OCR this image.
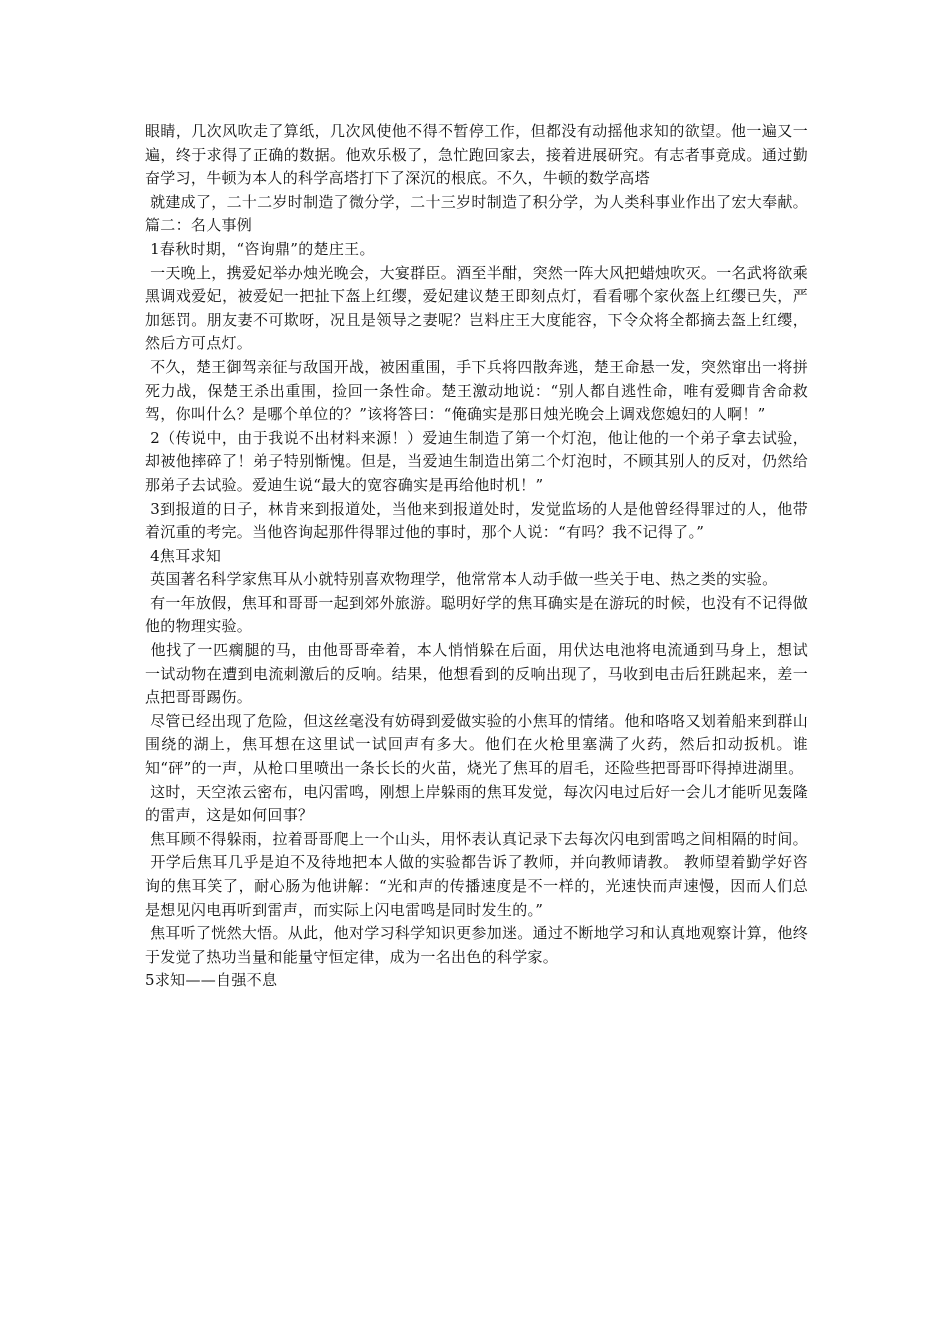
眼睛，几次风吹走了算纸，几次风使他不得不暂停工作，但都没有动摇他求知的欲望。他一遍又一遍，终于求得了正确的数据。他欢乐极了，急忙跑回家去，接着进展研究。有志者事竟成。通过勤奋学习，牛顿为本人的科学高塔打下了深沉的根底。不久，牛顿的数学高塔

就建成了，二十二岁时制造了微分学，二十三岁时制造了积分学，为人类科事业作出了宏大奉献。

篇二：名人事例

1春秋时期，“咨询鼎”的楚庄王。

一天晚上，携爱妃举办烛光晚会，大宴群臣。酒至半酣，突然一阵大风把蜡烛吹灭。一名武将欲乘黑调戏爱妃，被爱妃一把扯下盔上红缨，爱妃建议楚王即刻点灯，看看哪个家伙盔上红缨已失，严加惩罚。朋友妻不可欺呀，况且是领导之妻呢？岂料庄王大度能容，下令众将全都摘去盔上红缨，然后方可点灯。

不久，楚王御驾亲征与敌国开战，被困重围，手下兵将四散奔逃，楚王命悬一发，突然窜出一将拼死力战，保楚王杀出重围，捡回一条性命。楚王激动地说：“别人都自逃性命，唯有爱卿肯舍命救驾，你叫什么？是哪个单位的？”该将答曰：“俺确实是那日烛光晚会上调戏您媳妇的人啊！”

2（传说中，由于我说不出材料来源！）爱迪生制造了第一个灯泡，他让他的一个弟子拿去试验，却被他摔碎了！弟子特别惭愧。但是，当爱迪生制造出第二个灯泡时，不顾其别人的反对，仍然给那弟子去试验。爱迪生说“最大的宽容确实是再给他时机！”

3到报道的日子，林肯来到报道处，当他来到报道处时，发觉监场的人是他曾经得罪过的人，他带着沉重的考完。当他咨询起那件得罪过他的事时，那个人说：“有吗？我不记得了。”

4焦耳求知

英国著名科学家焦耳从小就特别喜欢物理学，他常常本人动手做一些关于电、热之类的实验。

有一年放假，焦耳和哥哥一起到郊外旅游。聪明好学的焦耳确实是在游玩的时候，也没有不记得做他的物理实验。

他找了一匹瘸腿的马，由他哥哥牵着，本人悄悄躲在后面，用伏达电池将电流通到马身上，想试 一试动物在遭到电流刺激后的反响。结果，他想看到的反响出现了，马收到电击后狂跳起来，差一点把哥哥踢伤。

尽管已经出现了危险，但这丝毫没有妨碍到爱做实验的小焦耳的情绪。他和咯咯又划着船来到群山围绕的湖上，焦耳想在这里试一试回声有多大。他们在火枪里塞满了火药，然后扣动扳机。谁知“砰”的一声，从枪口里喷出一条长长的火苗，烧光了焦耳的眉毛，还险些把哥哥吓得掉进湖里。

这时，天空浓云密布，电闪雷鸣，刚想上岸躲雨的焦耳发觉，每次闪电过后好一会儿才能听见轰隆的雷声，这是如何回事？

焦耳顾不得躲雨，拉着哥哥爬上一个山头，用怀表认真记录下去每次闪电到雷鸣之间相隔的时间。

开学后焦耳几乎是迫不及待地把本人做的实验都告诉了教师，并向教师请教。 教师望着勤学好咨询的焦耳笑了，耐心肠为他讲解：“光和声的传播速度是不一样的，光速快而声速慢，因而人们总是想见闪电再听到雷声，而实际上闪电雷鸣是同时发生的。”

焦耳听了恍然大悟。从此，他对学习科学知识更参加迷。通过不断地学习和认真地观察计算，他终于发觉了热功当量和能量守恒定律，成为一名出色的科学家。

5求知——自强不息
